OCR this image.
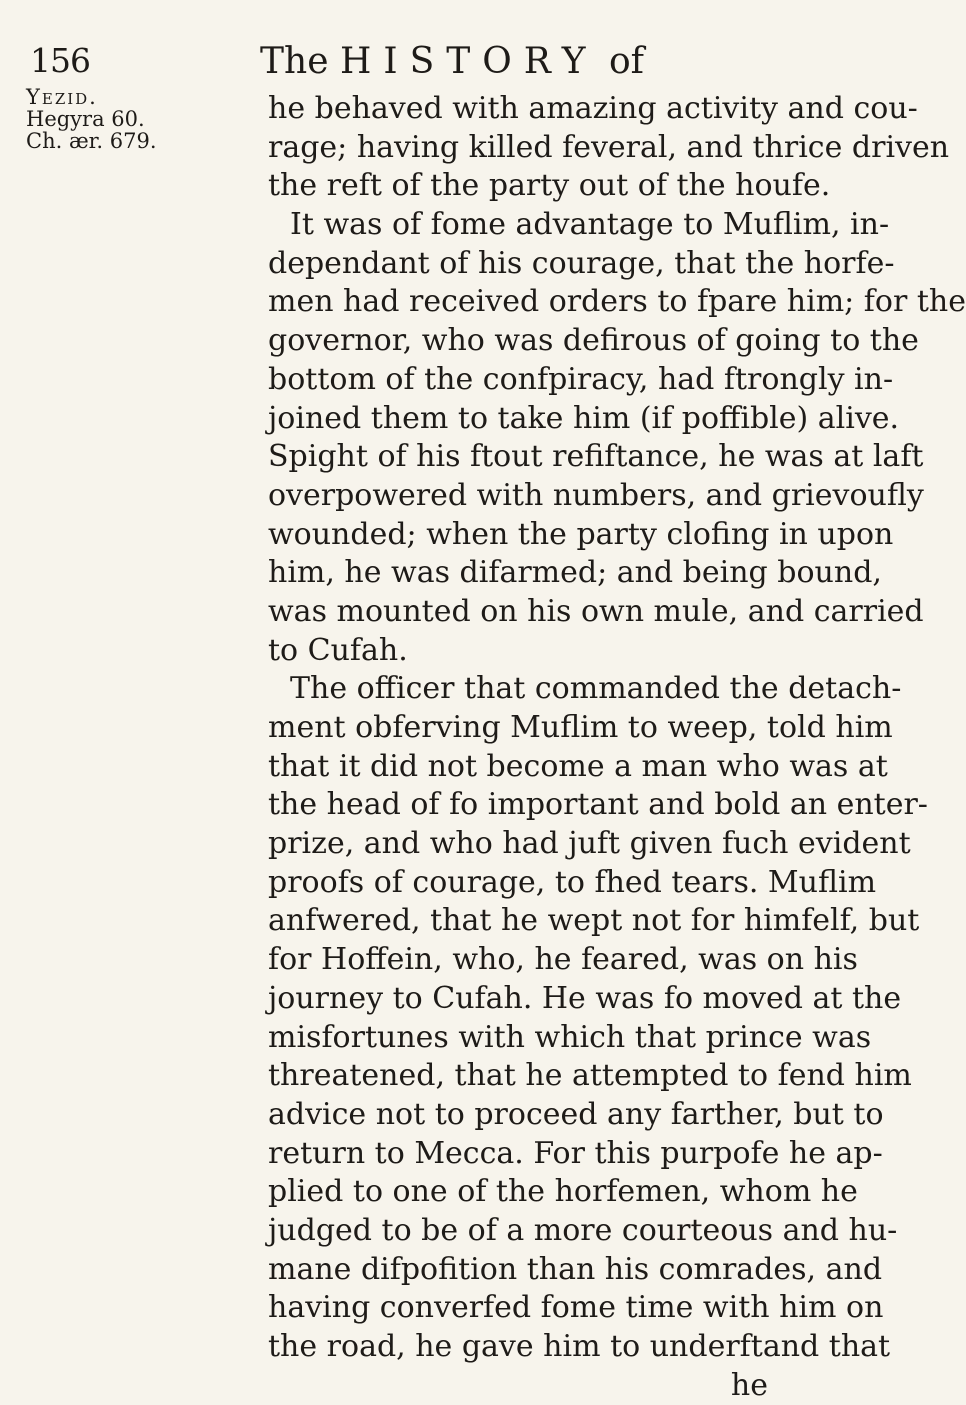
156	The HISTORY of
Yezid.
Hegyra 60.
Ch. ær. 679.
he behaved with amazing activity and cou-
rage; having killed feveral, and thrice driven
the reft of the party out of the houfe.
It was of fome advantage to Muflim, in-
dependant of his courage, that the horfe-
men had received orders to fpare him; for the
governor, who was defirous of going to the
bottom of the confpiracy, had ftrongly in-
joined them to take him (if poffible) alive.
Spight of his ftout refiftance, he was at laft
overpowered with numbers, and grievoufly
wounded; when the party clofing in upon
him, he was difarmed; and being bound,
was mounted on his own mule, and carried
to Cufah.
The officer that commanded the detach-
ment obferving Muflim to weep, told him
that it did not become a man who was at
the head of fo important and bold an enter-
prize, and who had juft given fuch evident
proofs of courage, to fhed tears. Muflim
anfwered, that he wept not for himfelf, but
for Hoffein, who, he feared, was on his
journey to Cufah. He was fo moved at the
misfortunes with which that prince was
threatened, that he attempted to fend him
advice not to proceed any farther, but to
return to Mecca. For this purpofe he ap-
plied to one of the horfemen, whom he
judged to be of a more courteous and hu-
mane difpofition than his comrades, and
having converfed fome time with him on
the road, he gave him to underftand that
he
